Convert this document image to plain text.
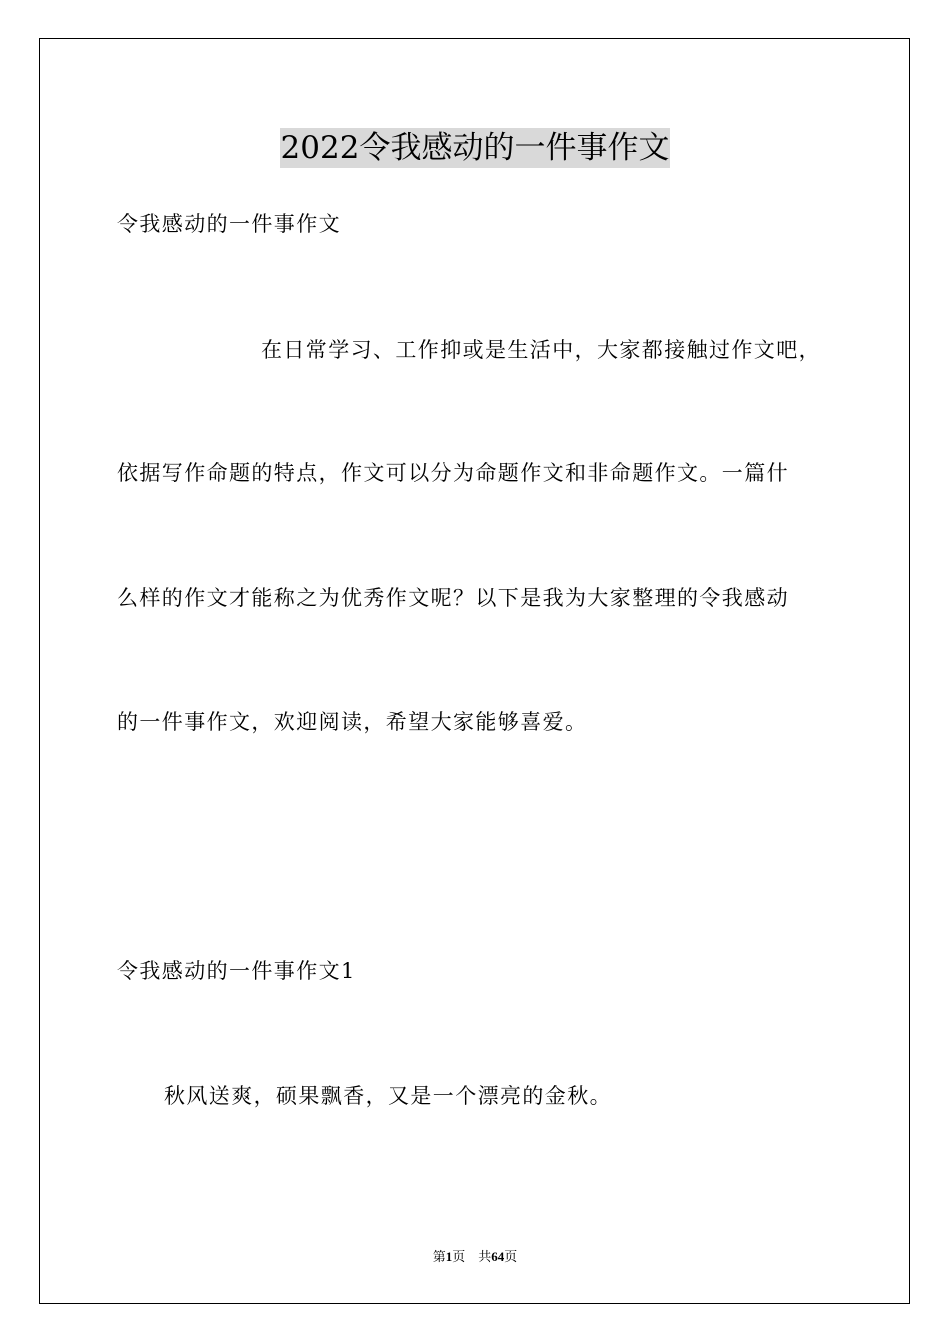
2022令我感动的一件事作文
令我感动的一件事作文
在日常学习、工作抑或是生活中，大家都接触过作文吧，
依据写作命题的特点，作文可以分为命题作文和非命题作文。一篇什
么样的作文才能称之为优秀作文呢？以下是我为大家整理的令我感动
的一件事作文，欢迎阅读，希望大家能够喜爱。
令我感动的一件事作文1
秋风送爽，硕果飘香，又是一个漂亮的金秋。
第1页 共64页
